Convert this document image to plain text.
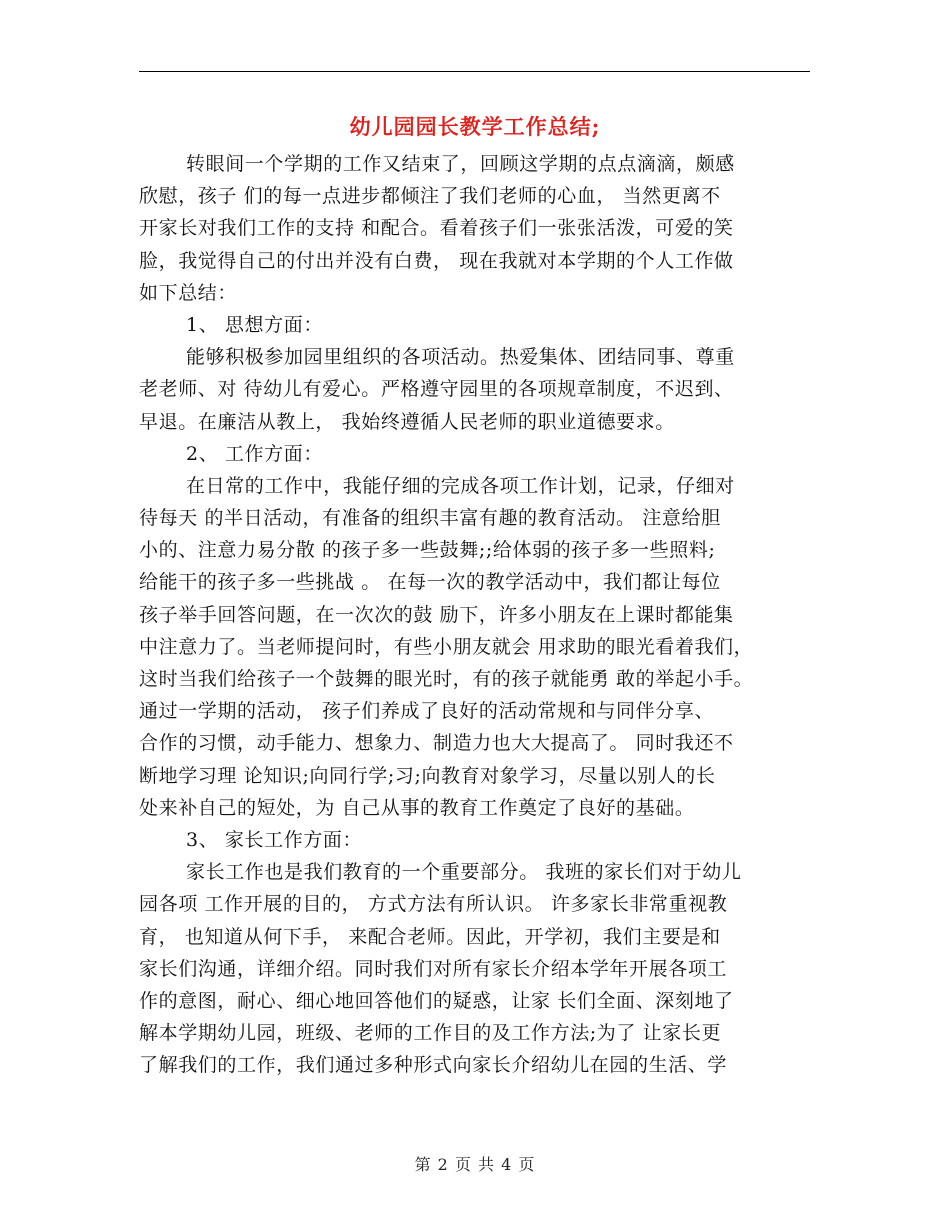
幼儿园园长教学工作总结;
转眼间一个学期的工作又结束了，回顾这学期的点点滴滴，颇感
欣慰，孩子 们的每一点进步都倾注了我们老师的心血， 当然更离不
开家长对我们工作的支持 和配合。看着孩子们一张张活泼，可爱的笑
脸，我觉得自己的付出并没有白费， 现在我就对本学期的个人工作做
如下总结：
1、 思想方面：
能够积极参加园里组织的各项活动。热爱集体、团结同事、尊重
老老师、对 待幼儿有爱心。严格遵守园里的各项规章制度，不迟到、
早退。在廉洁从教上， 我始终遵循人民老师的职业道德要求。
2、 工作方面：
在日常的工作中，我能仔细的完成各项工作计划，记录，仔细对
待每天 的半日活动，有准备的组织丰富有趣的教育活动。 注意给胆
小的、注意力易分散 的孩子多一些鼓舞;;给体弱的孩子多一些照料;
给能干的孩子多一些挑战 。 在每一次的教学活动中，我们都让每位
孩子举手回答问题，在一次次的鼓 励下，许多小朋友在上课时都能集
中注意力了。当老师提问时，有些小朋友就会 用求助的眼光看着我们，
这时当我们给孩子一个鼓舞的眼光时，有的孩子就能勇 敢的举起小手。
通过一学期的活动， 孩子们养成了良好的活动常规和与同伴分享、
合作的习惯，动手能力、想象力、制造力也大大提高了。 同时我还不
断地学习理 论知识;向同行学;习;向教育对象学习，尽量以别人的长
处来补自己的短处，为 自己从事的教育工作奠定了良好的基础。
3、 家长工作方面：
家长工作也是我们教育的一个重要部分。 我班的家长们对于幼儿
园各项 工作开展的目的， 方式方法有所认识。 许多家长非常重视教
育， 也知道从何下手， 来配合老师。因此，开学初，我们主要是和
家长们沟通，详细介绍。同时我们对所有家长介绍本学年开展各项工
作的意图，耐心、细心地回答他们的疑惑，让家 长们全面、深刻地了
解本学期幼儿园，班级、老师的工作目的及工作方法;为了 让家长更
了解我们的工作，我们通过多种形式向家长介绍幼儿在园的生活、学
第 2 页 共 4 页
